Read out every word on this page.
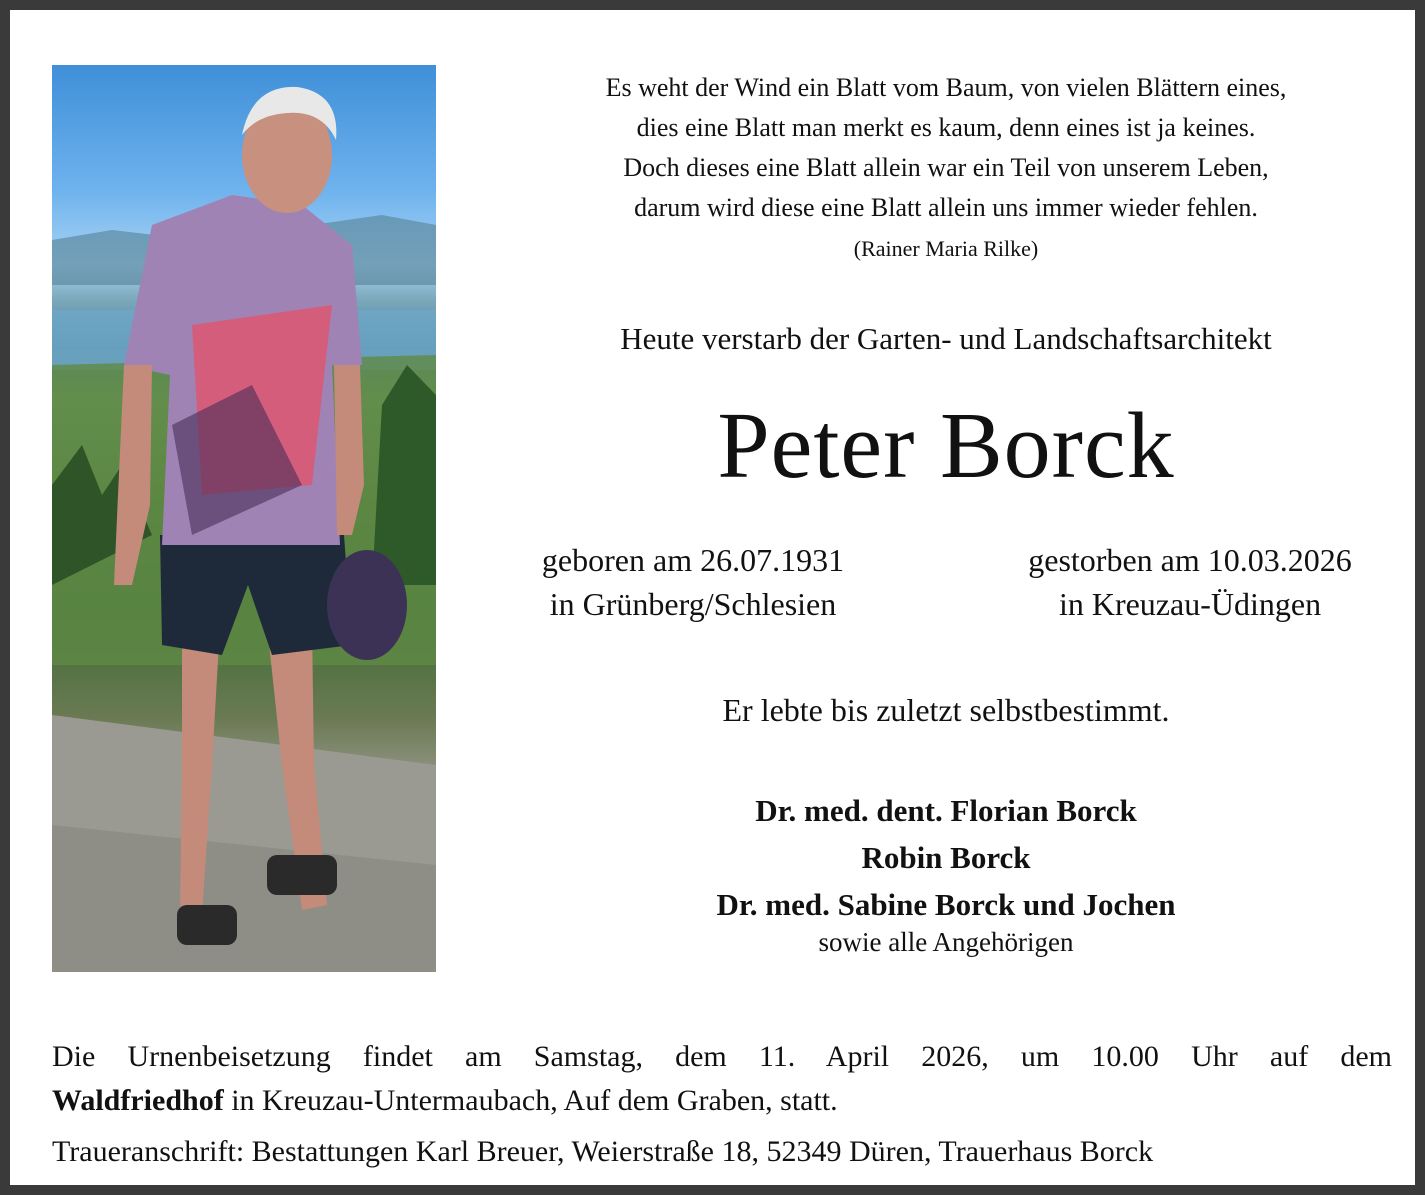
Es weht der Wind ein Blatt vom Baum, von vielen Blättern eines,
dies eine Blatt man merkt es kaum, denn eines ist ja keines.
Doch dieses eine Blatt allein war ein Teil von unserem Leben,
darum wird diese eine Blatt allein uns immer wieder fehlen.
(Rainer Maria Rilke)
Heute verstarb der Garten- und Landschaftsarchitekt
Peter Borck
geboren am 26.07.1931
in Grünberg/Schlesien
gestorben am 10.03.2026
in Kreuzau-Üdingen
Er lebte bis zuletzt selbstbestimmt.
Dr. med. dent. Florian Borck
Robin Borck
Dr. med. Sabine Borck und Jochen
sowie alle Angehörigen
Die Urnenbeisetzung findet am Samstag, dem 11. April 2026, um 10.00 Uhr auf dem
Waldfriedhof in Kreuzau-Untermaubach, Auf dem Graben, statt.
Traueranschrift: Bestattungen Karl Breuer, Weierstraße 18, 52349 Düren, Trauerhaus Borck
